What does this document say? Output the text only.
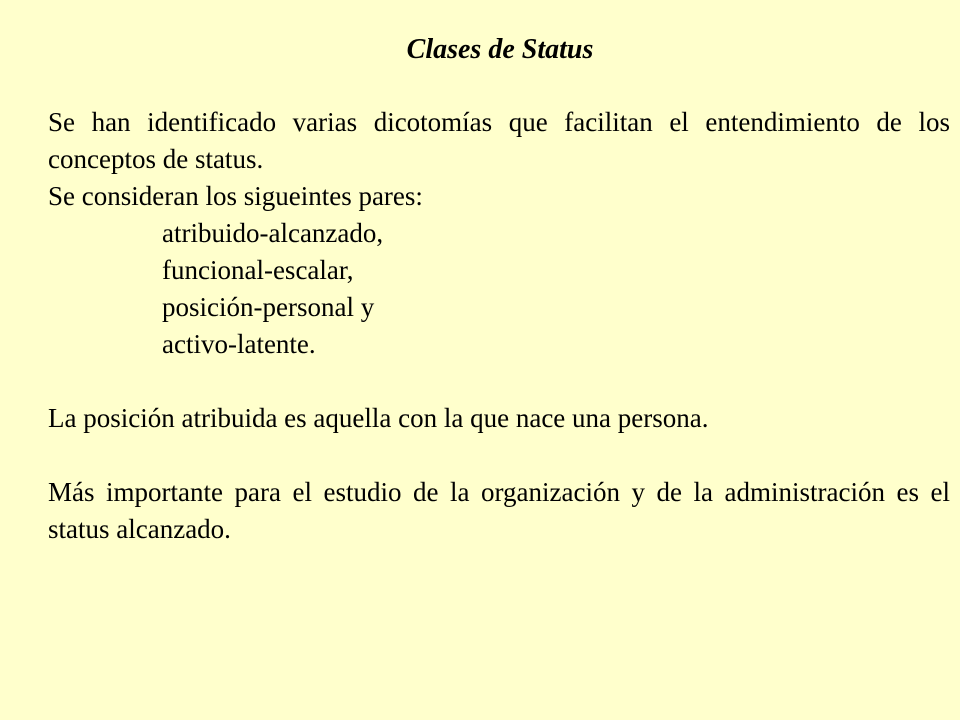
Clases de Status

Se han identificado varias dicotomías que facilitan el entendimiento de los conceptos de status.

Se consideran los sigueintes pares:

atribuido-alcanzado,

funcional-escalar,

posición-personal y

activo-latente.

La posición atribuida es aquella con la que nace una persona.

Más importante para el estudio de la organización y de la administración es el status alcanzado.
